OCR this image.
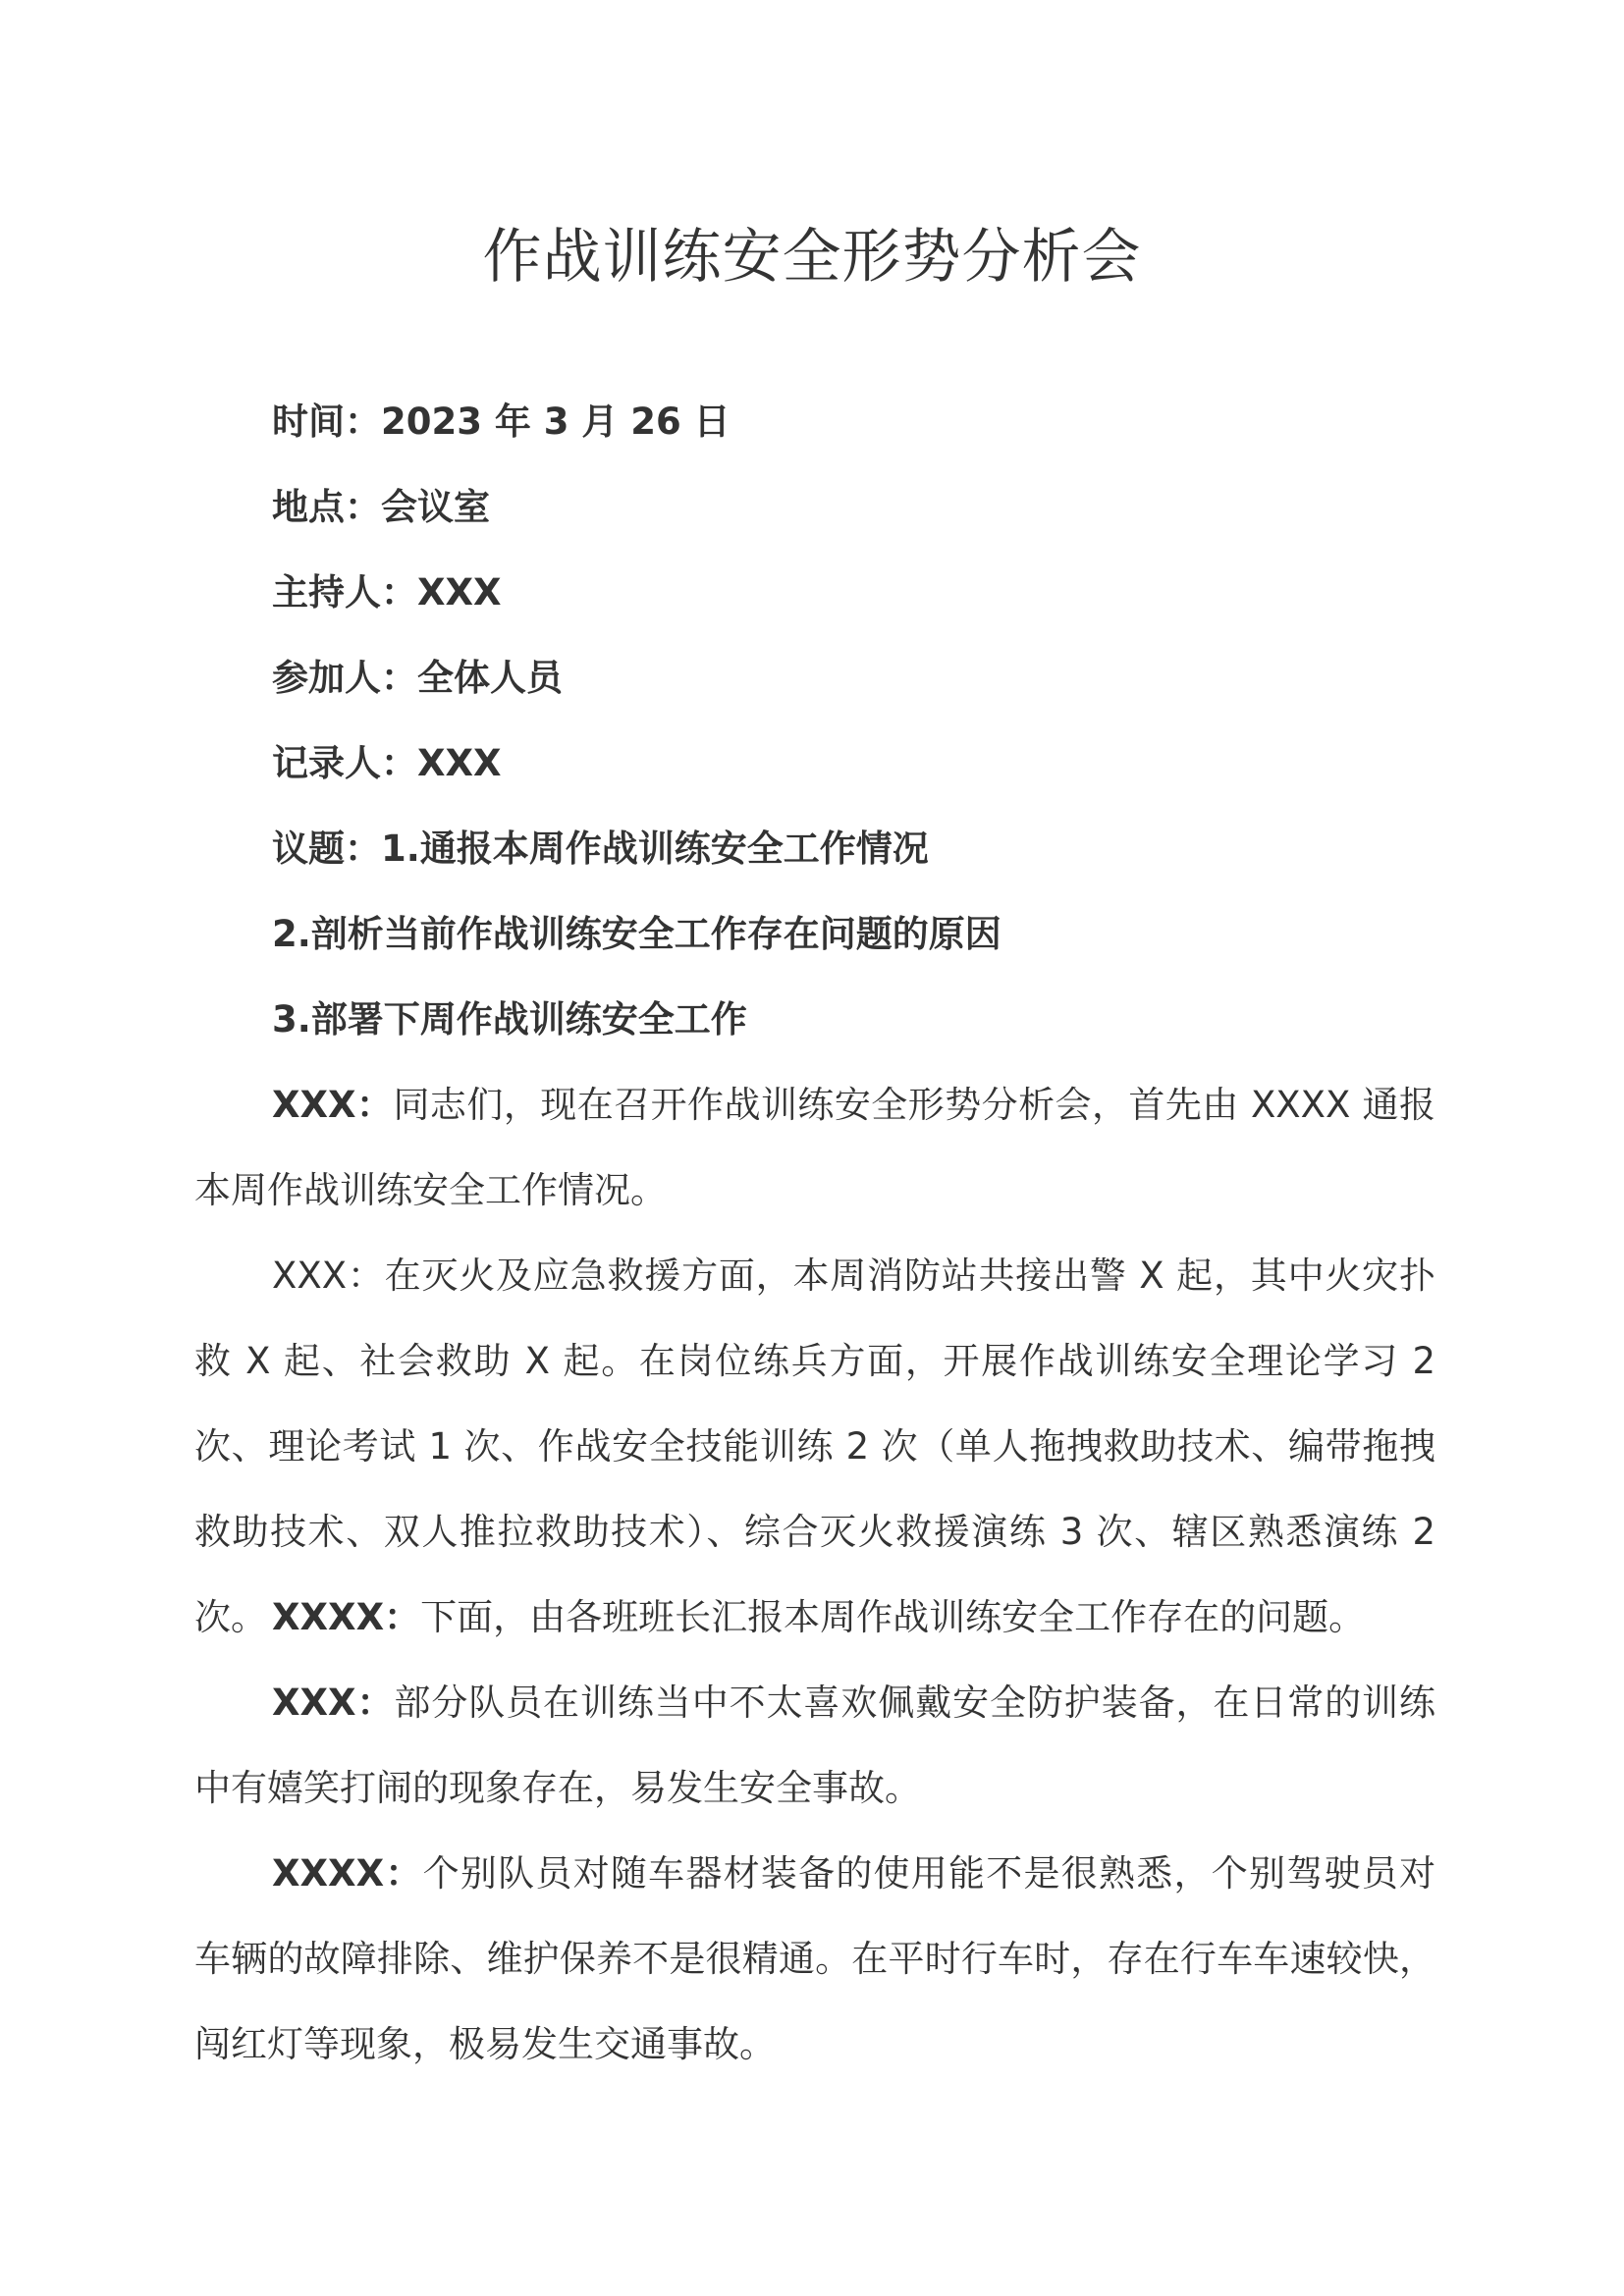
作战训练安全形势分析会
时间：2023 年 3 月 26 日
地点：会议室
主持人：XXX
参加人：全体人员
记录人：XXX
议题：1.通报本周作战训练安全工作情况
2.剖析当前作战训练安全工作存在问题的原因
3.部署下周作战训练安全工作

XXX：同志们，现在召开作战训练安全形势分析会，首先由 XXXX 通报本周作战训练安全工作情况。

XXX：在灭火及应急救援方面，本周消防站共接出警 X 起，其中火灾扑救 X 起、社会救助 X 起。在岗位练兵方面，开展作战训练安全理论学习 2 次、理论考试 1 次、作战安全技能训练 2 次（单人拖拽救助技术、编带拖拽救助技术、双人推拉救助技术）、综合灭火救援演练 3 次、辖区熟悉演练 2 次。 XXXX：下面，由各班班长汇报本周作战训练安全工作存在的问题。

XXX：部分队员在训练当中不太喜欢佩戴安全防护装备，在日常的训练中有嬉笑打闹的现象存在，易发生安全事故。

XXXX：个别队员对随车器材装备的使用能不是很熟悉，个别驾驶员对车辆的故障排除、维护保养不是很精通。在平时行车时，存在行车车速较快，闯红灯等现象，极易发生交通事故。
